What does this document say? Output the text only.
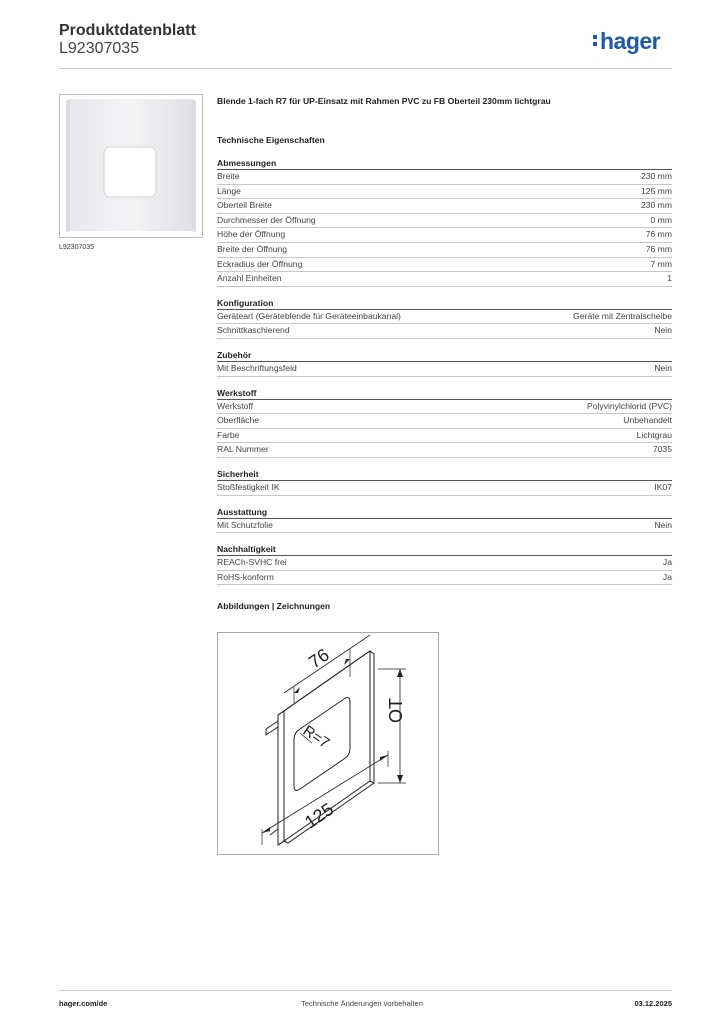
Produktdatenblatt
L92307035	hager
L92307035
Blende 1-fach R7 für UP-Einsatz mit Rahmen PVC zu FB Oberteil 230mm lichtgrau
Technische Eigenschaften
Abmessungen
Breite	230 mm
Länge	125 mm
Oberteil Breite	230 mm
Durchmesser der Öffnung	0 mm
Höhe der Öffnung	76 mm
Breite der Öffnung	76 mm
Eckradius der Öffnung	7 mm
Anzahl Einheiten	1
Konfiguration
Geräteart (Geräteblende für Geräteeinbaukanal)	Geräte mit Zentralscheibe
Schnittkaschierend	Nein
Zubehör
Mit Beschriftungsfeld	Nein
Werkstoff
Werkstoff	Polyvinylchlorid (PVC)
Oberfläche	Unbehandelt
Farbe	Lichtgrau
RAL Nummer	7035
Sicherheit
Stoßfestigkeit IK	IK07
Ausstattung
Mit Schutzfolie	Nein
Nachhaltigkeit
REACh-SVHC frei	Ja
RoHS-konform	Ja
Abbildungen | Zeichnungen
76
OT
R=7
125
hager.com/de	Technische Änderungen vorbehalten	03.12.2025
